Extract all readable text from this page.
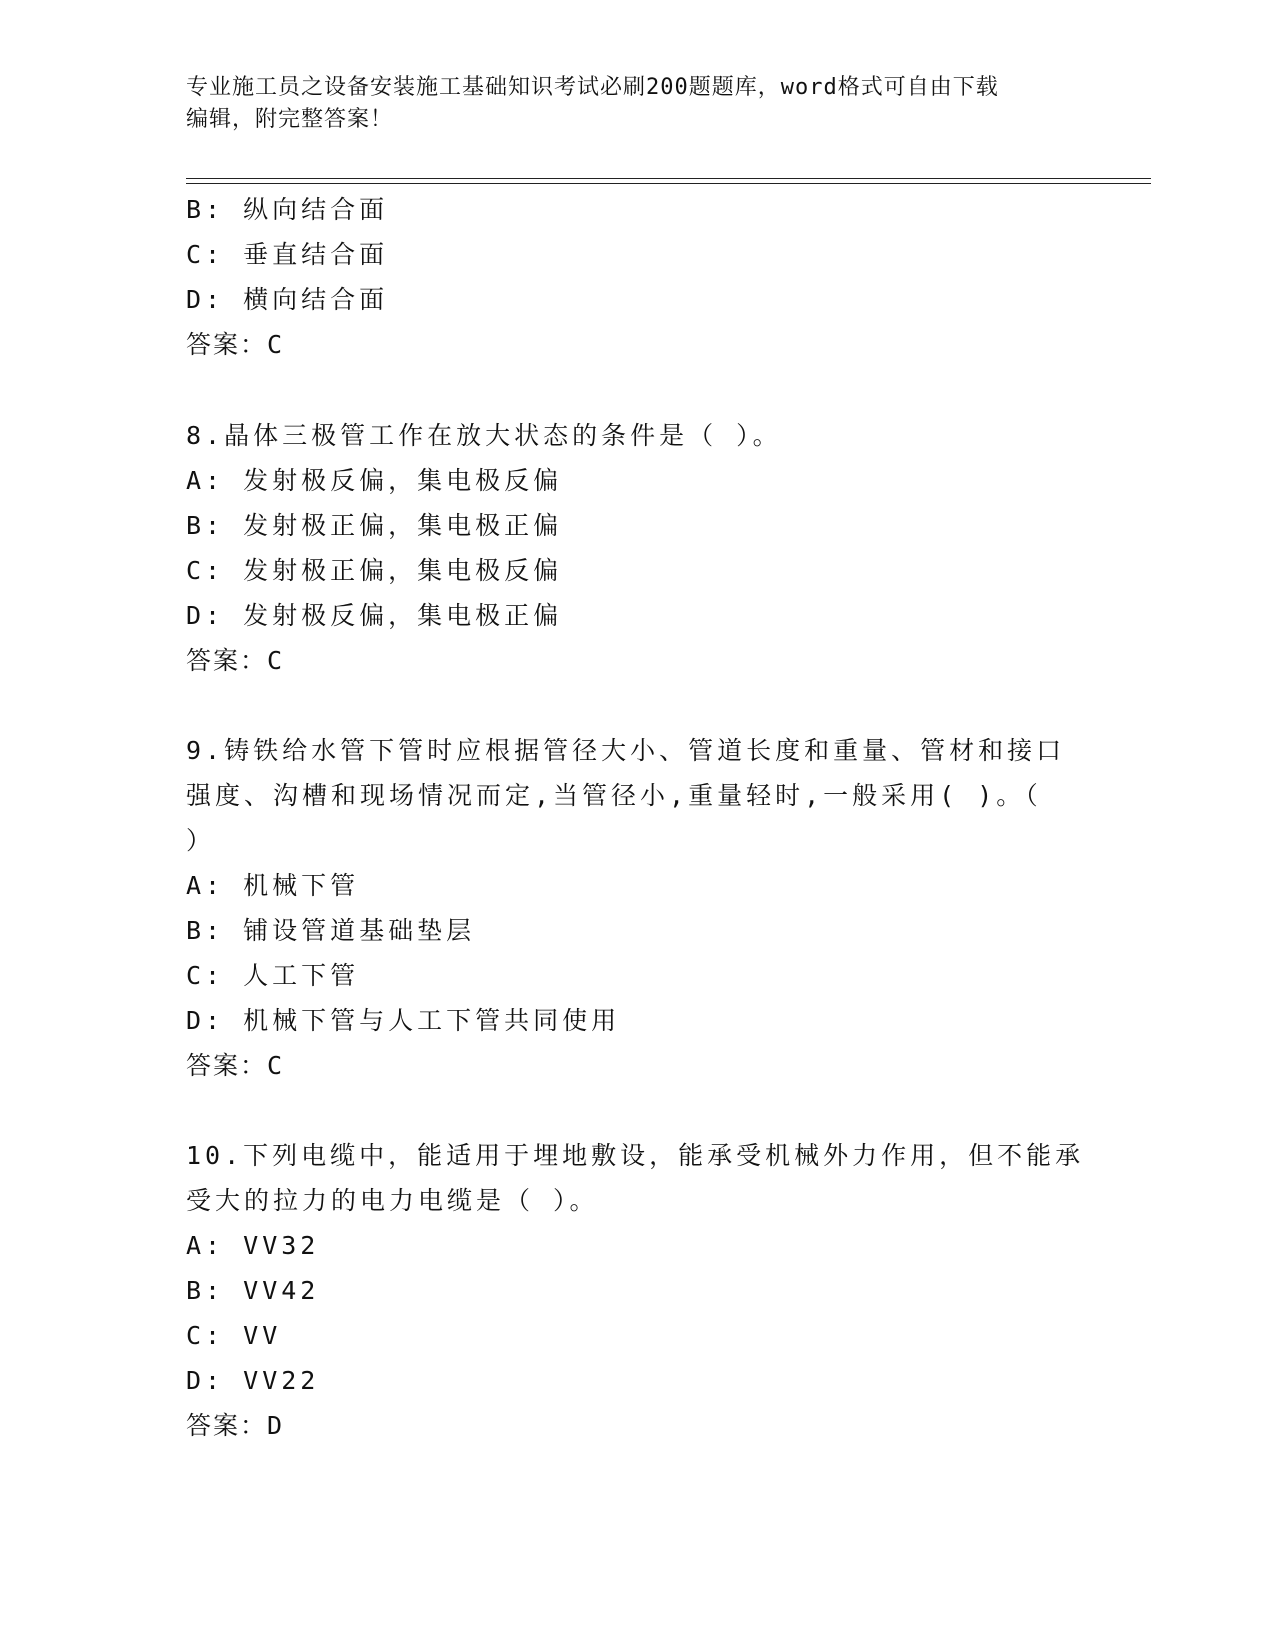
专业施工员之设备安装施工基础知识考试必刷200题题库，word格式可自由下载
编辑，附完整答案！
B: 纵向结合面
C: 垂直结合面
D: 横向结合面
答案：C
8.晶体三极管工作在放大状态的条件是（ ）。
A: 发射极反偏，集电极反偏
B: 发射极正偏，集电极正偏
C: 发射极正偏，集电极反偏
D: 发射极反偏，集电极正偏
答案：C
9.铸铁给水管下管时应根据管径大小、管道长度和重量、管材和接口
强度、沟槽和现场情况而定,当管径小,重量轻时,一般采用( )。（
）
A: 机械下管
B: 铺设管道基础垫层
C: 人工下管
D: 机械下管与人工下管共同使用
答案：C
10.下列电缆中，能适用于埋地敷设，能承受机械外力作用，但不能承
受大的拉力的电力电缆是（ ）。
A: VV32
B: VV42
C: VV
D: VV22
答案：D
